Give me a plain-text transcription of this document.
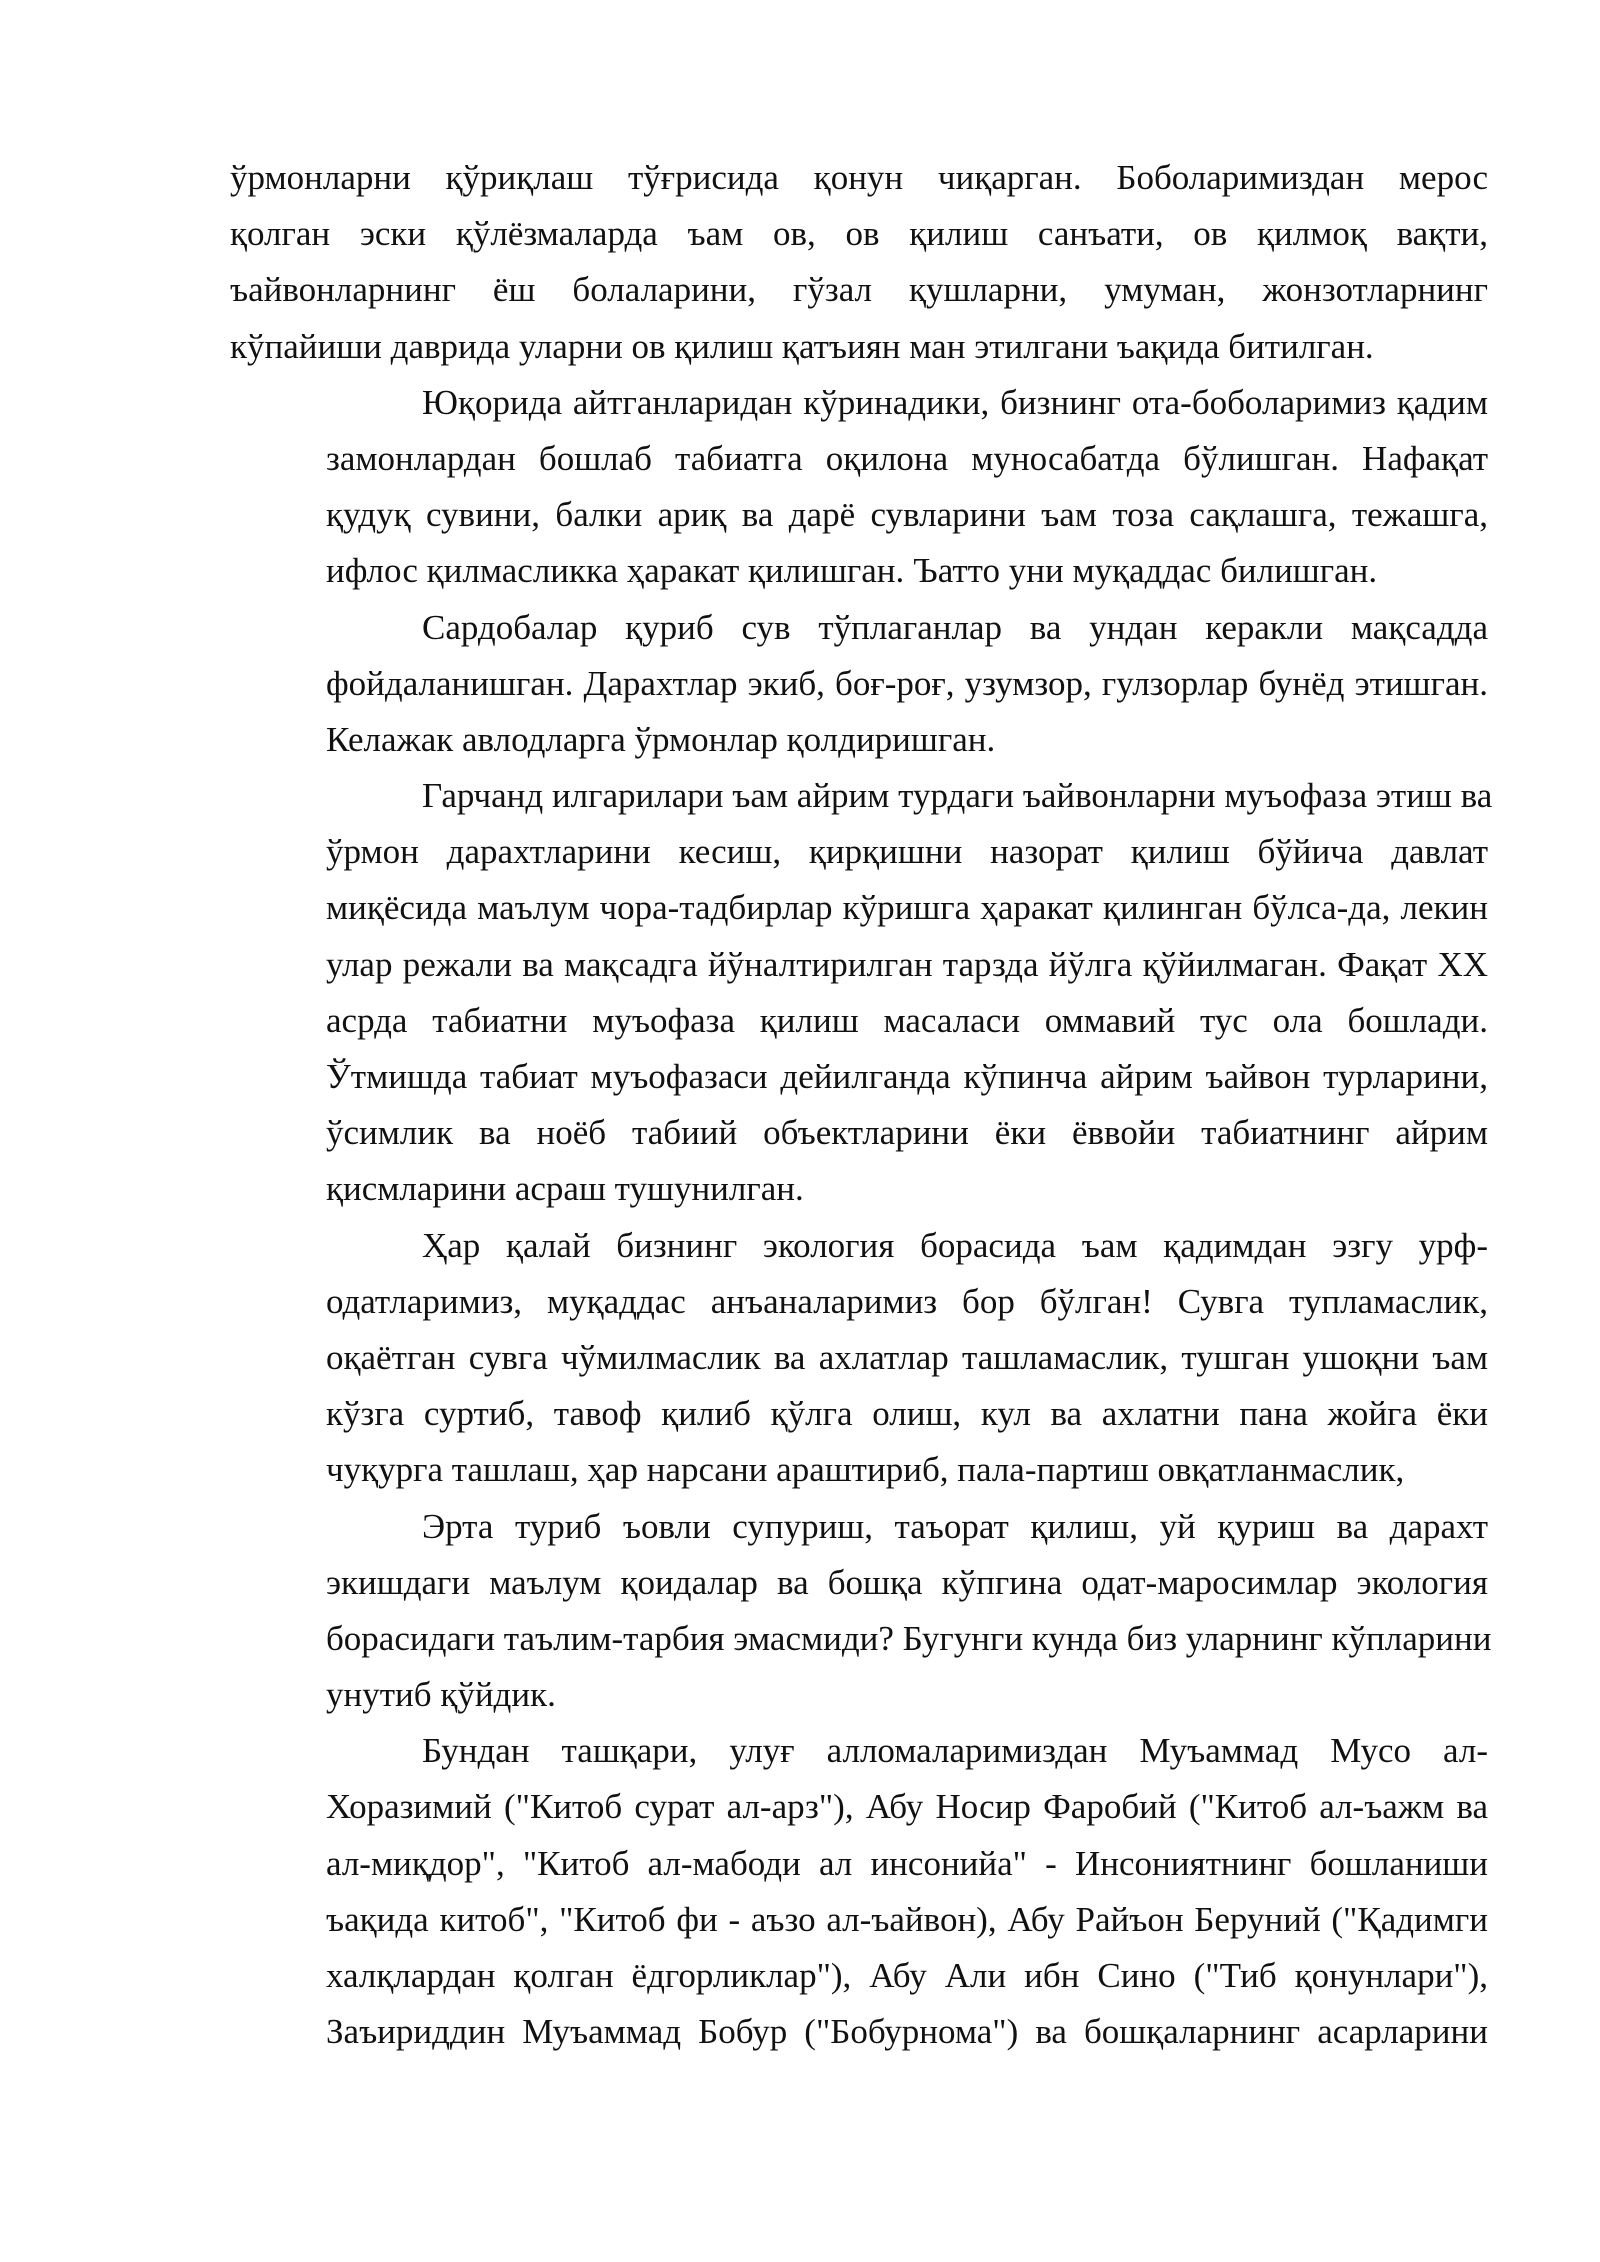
ўрмонларни қўриқлаш тўғрисида қонун чиқарган. Боболаримиздан мерос
қолган эски қўлёзмаларда ъам ов, ов қилиш санъати, ов қилмоқ вақти,
ъайвонларнинг ёш болаларини, гўзал қушларни, умуман, жонзотларнинг
кўпайиши даврида уларни ов қилиш қатъиян ман этилгани ъақида битилган.
Юқорида айтганларидан кўринадики, бизнинг ота-боболаримиз қадим
замонлардан бошлаб табиатга оқилона муносабатда бўлишган. Нафақат
қудуқ сувини, балки ариқ ва дарё сувларини ъам тоза сақлашга, тежашга,
ифлос қилмасликка ҳаракат қилишган. Ъатто уни муқаддас билишган.
Сардобалар қуриб сув тўплаганлар ва ундан керакли мақсадда
фойдаланишган. Дарахтлар экиб, боғ-роғ, узумзор, гулзорлар бунёд этишган.
Келажак авлодларга ўрмонлар қолдиришган.
Гарчанд илгарилари ъам айрим турдаги ъайвонларни муъофаза этиш ва
ўрмон дарахтларини кесиш, қирқишни назорат қилиш бўйича давлат
миқёсида маълум чора-тадбирлар кўришга ҳаракат қилинган бўлса-да, лекин
улар режали ва мақсадга йўналтирилган тарзда йўлга қўйилмаган. Фақат ХХ
асрда табиатни муъофаза қилиш масаласи оммавий тус ола бошлади.
Ўтмишда табиат муъофазаси дейилганда кўпинча айрим ъайвон турларини,
ўсимлик ва ноёб табиий объектларини ёки ёввойи табиатнинг айрим
қисмларини асраш тушунилган.
Ҳар қалай бизнинг экология борасида ъам қадимдан эзгу урф-
одатларимиз, муқаддас анъаналаримиз бор бўлган! Сувга тупламаслик,
оқаётган сувга чўмилмаслик ва ахлатлар ташламаслик, тушган ушоқни ъам
кўзга суртиб, тавоф қилиб қўлга олиш, кул ва ахлатни пана жойга ёки
чуқурга ташлаш, ҳар нарсани араштириб, пала-партиш овқатланмаслик,
Эрта туриб ъовли супуриш, таъорат қилиш, уй қуриш ва дарахт
экишдаги маълум қоидалар ва бошқа кўпгина одат-маросимлар экология
борасидаги таълим-тарбия эмасмиди? Бугунги кунда биз уларнинг кўпларини
унутиб қўйдик.
Бундан ташқари, улуғ алломаларимиздан Муъаммад Мусо ал-
Хоразимий ("Китоб сурат ал-арз"), Абу Носир Фаробий ("Китоб ал-ъажм ва
ал-миқдор", "Китоб ал-мабоди ал инсонийа" - Инсониятнинг бошланиши
ъақида китоб", "Китоб фи - аъзо ал-ъайвон), Абу Райъон Беруний ("Қадимги
халқлардан қолган ёдгорликлар"), Абу Али ибн Сино ("Тиб қонунлари"),
Заъириддин Муъаммад Бобур ("Бобурнома") ва бошқаларнинг асарларини
